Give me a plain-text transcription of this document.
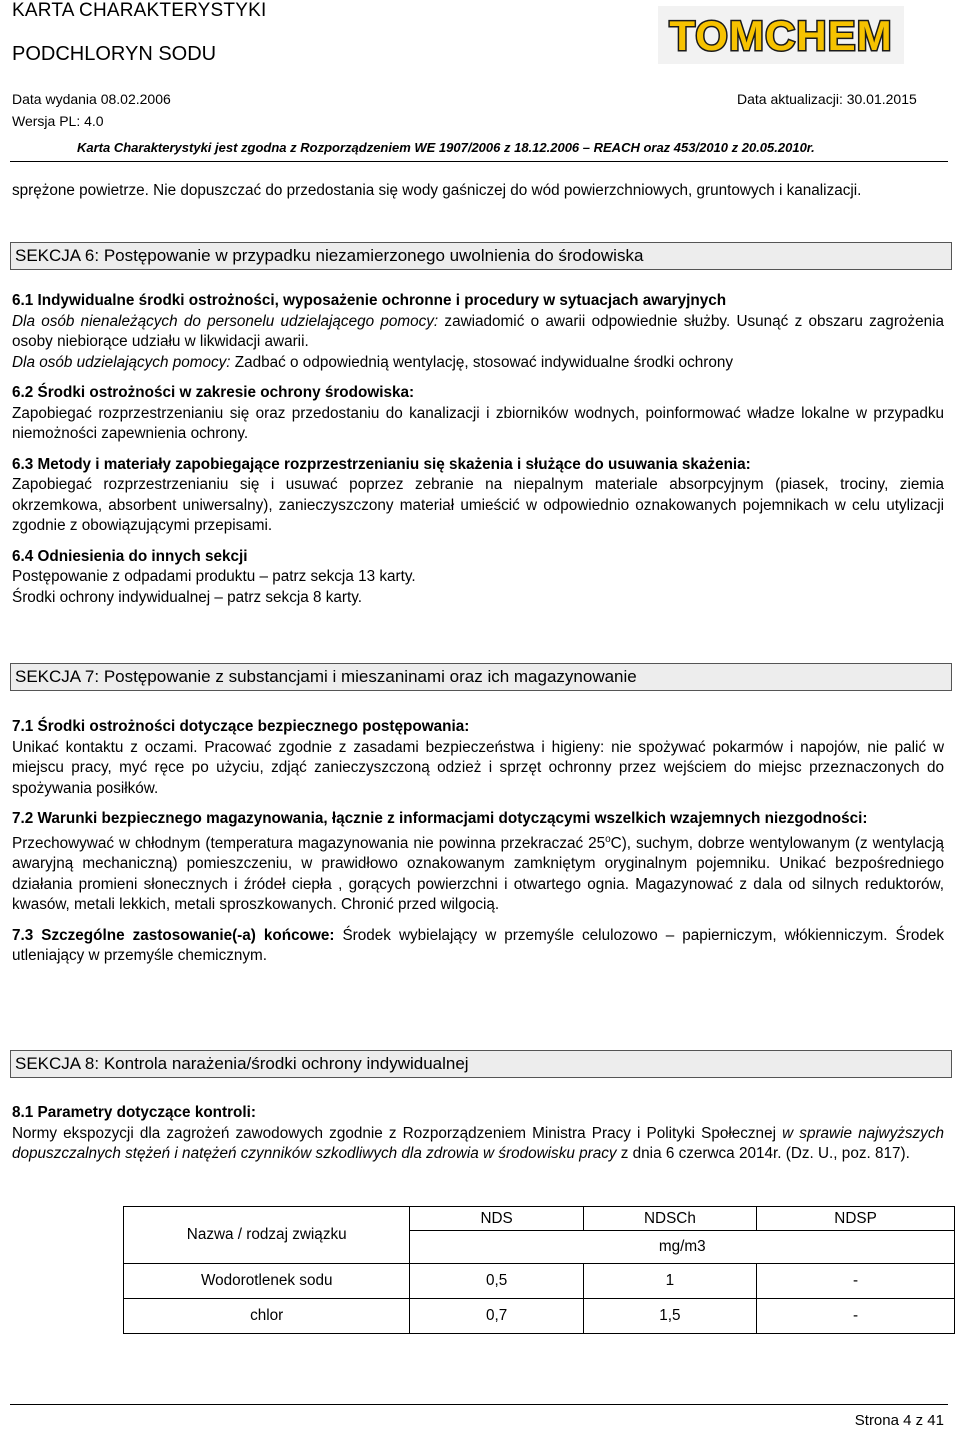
KARTA CHARAKTERYSTYKI
PODCHLORYN SODU	TOMCHEM
Data wydania 08.02.2006	Data aktualizacji: 30.01.2015
Wersja PL: 4.0
Karta Charakterystyki jest zgodna z Rozporządzeniem WE 1907/2006 z 18.12.2006 – REACH oraz 453/2010 z 20.05.2010r.

sprężone powietrze. Nie dopuszczać do przedostania się wody gaśniczej do wód powierzchniowych, gruntowych i kanalizacji.

SEKCJA 6: Postępowanie w przypadku niezamierzonego uwolnienia do środowiska

6.1 Indywidualne środki ostrożności, wyposażenie ochronne i procedury w sytuacjach awaryjnych

Dla osób nienależących do personelu udzielającego pomocy: zawiadomić o awarii odpowiednie służby. Usunąć z obszaru zagrożenia osoby niebiorące udziału w likwidacji awarii.

Dla osób udzielających pomocy: Zadbać o odpowiednią wentylację, stosować indywidualne środki ochrony

6.2 Środki ostrożności w zakresie ochrony środowiska:

Zapobiegać rozprzestrzenianiu się oraz przedostaniu do kanalizacji i zbiorników wodnych, poinformować władze lokalne w przypadku niemożności zapewnienia ochrony.

6.3 Metody i materiały zapobiegające rozprzestrzenianiu się skażenia i służące do usuwania skażenia:

Zapobiegać rozprzestrzenianiu się i usuwać poprzez zebranie na niepalnym materiale absorpcyjnym (piasek, trociny, ziemia okrzemkowa, absorbent uniwersalny), zanieczyszczony materiał umieścić w odpowiednio oznakowanych pojemnikach w celu utylizacji zgodnie z obowiązującymi przepisami.

6.4 Odniesienia do innych sekcji

Postępowanie z odpadami produktu – patrz sekcja 13 karty.

Środki ochrony indywidualnej – patrz sekcja 8 karty.

SEKCJA 7: Postępowanie z substancjami i mieszaninami oraz ich magazynowanie

7.1 Środki ostrożności dotyczące bezpiecznego postępowania:

Unikać kontaktu z oczami. Pracować zgodnie z zasadami bezpieczeństwa i higieny: nie spożywać pokarmów i napojów, nie palić w miejscu pracy, myć ręce po użyciu, zdjąć zanieczyszczoną odzież i sprzęt ochronny przez wejściem do miejsc przeznaczonych do spożywania posiłków.

7.2 Warunki bezpiecznego magazynowania, łącznie z informacjami dotyczącymi wszelkich wzajemnych niezgodności:

Przechowywać w chłodnym (temperatura magazynowania nie powinna przekraczać 25$^o$C), suchym, dobrze wentylowanym (z wentylacją awaryjną mechaniczną) pomieszczeniu, w prawidłowo oznakowanym zamkniętym oryginalnym pojemniku. Unikać bezpośredniego działania promieni słonecznych i źródeł ciepła , gorących powierzchni i otwartego ognia. Magazynować z dala od silnych reduktorów, kwasów, metali lekkich, metali sproszkowanych. Chronić przed wilgocią.

7.3 Szczególne zastosowanie(-a) końcowe: Środek wybielający w przemyśle celulozowo – papierniczym, włókienniczym. Środek utleniający w przemyśle chemicznym.

SEKCJA 8: Kontrola narażenia/środki ochrony indywidualnej

8.1 Parametry dotyczące kontroli:

Normy ekspozycji dla zagrożeń zawodowych zgodnie z Rozporządzeniem Ministra Pracy i Polityki Społecznej w sprawie najwyższych dopuszczalnych stężeń i natężeń czynników szkodliwych dla zdrowia w środowisku pracy z dnia 6 czerwca 2014r. (Dz. U., poz. 817).

Nazwa / rodzaj związku	NDS	NDSCh	NDSP
	mg/m3		
Wodorotlenek sodu	0,5	1	-
chlor	0,7	1,5	-
Strona 4 z 41
